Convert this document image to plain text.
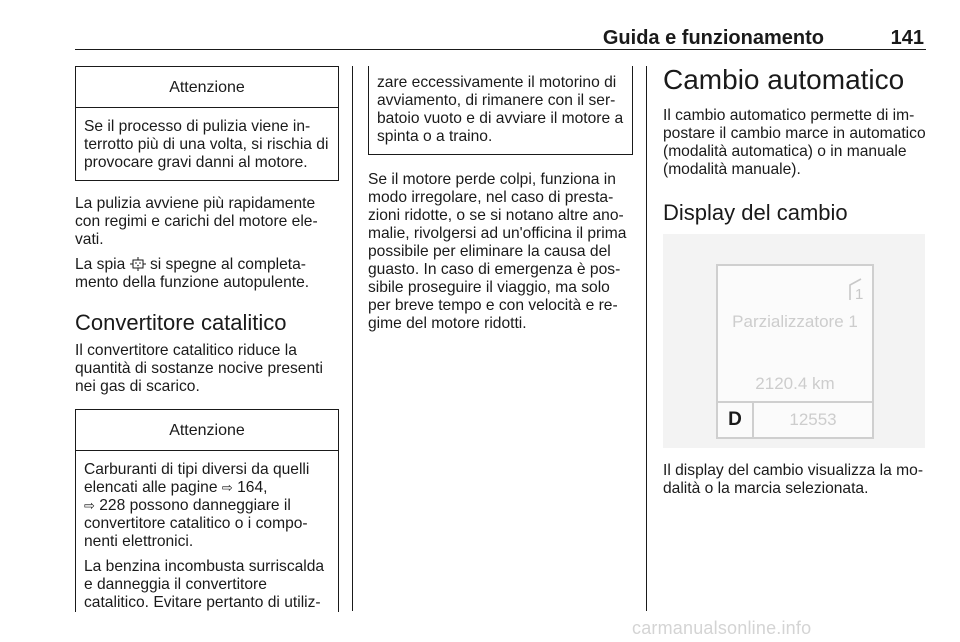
Guida e funzionamento	141
Attenzione

Se il processo di pulizia viene interrotto più di una volta, si rischia di provocare gravi danni al motore.

La pulizia avviene più rapidamente con regimi e carichi del motore elevati.

La spia  si spegne al completamento della funzione autopulente.

Convertitore catalitico

Il convertitore catalitico riduce la quantità di sostanze nocive presenti nei gas di scarico.

Attenzione

Carburanti di tipi diversi da quelli elencati alle pagine ⇨ 164,
⇨ 228 possono danneggiare il convertitore catalitico o i componenti elettronici.

La benzina incombusta surriscalda e danneggia il convertitore catalitico. Evitare pertanto di utiliz-

zare eccessivamente il motorino di avviamento, di rimanere con il serbatoio vuoto e di avviare il motore a spinta o a traino.

Se il motore perde colpi, funziona in modo irregolare, nel caso di prestazioni ridotte, o se si notano altre anomalie, rivolgersi ad un'officina il prima possibile per eliminare la causa del guasto. In caso di emergenza è possibile proseguire il viaggio, ma solo per breve tempo e con velocità e regime del motore ridotti.

Cambio automatico

Il cambio automatico permette di impostare il cambio marce in automatico (modalità automatica) o in manuale (modalità manuale).

Display del cambio
1
Parzializzatore 1
2120.4 km
D	12553

Il display del cambio visualizza la modalità o la marcia selezionata.

carmanualsonline.info
